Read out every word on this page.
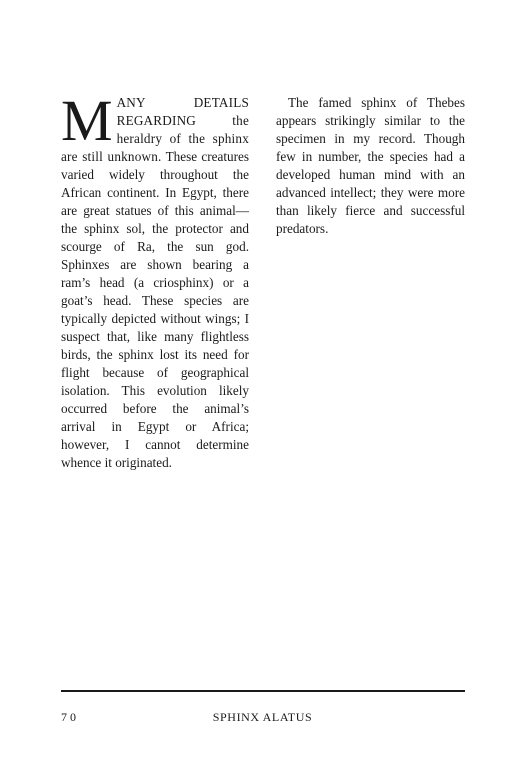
MANY DETAILS REGARDING the heraldry of the sphinx are still unknown. These creatures varied widely throughout the African continent. In Egypt, there are great statues of this animal—the sphinx sol, the protector and scourge of Ra, the sun god. Sphinxes are shown bearing a ram’s head (a criosphinx) or a goat’s head. These species are typically depicted without wings; I suspect that, like many flightless birds, the sphinx lost its need for flight because of geographical isolation. This evolution likely occurred before the animal’s arrival in Egypt or Africa; however, I cannot determine whence it originated.

The famed sphinx of Thebes appears strikingly similar to the specimen in my record. Though few in number, the species had a developed human mind with an advanced intellect; they were more than likely fierce and successful predators.

70	SPHINX ALATUS
